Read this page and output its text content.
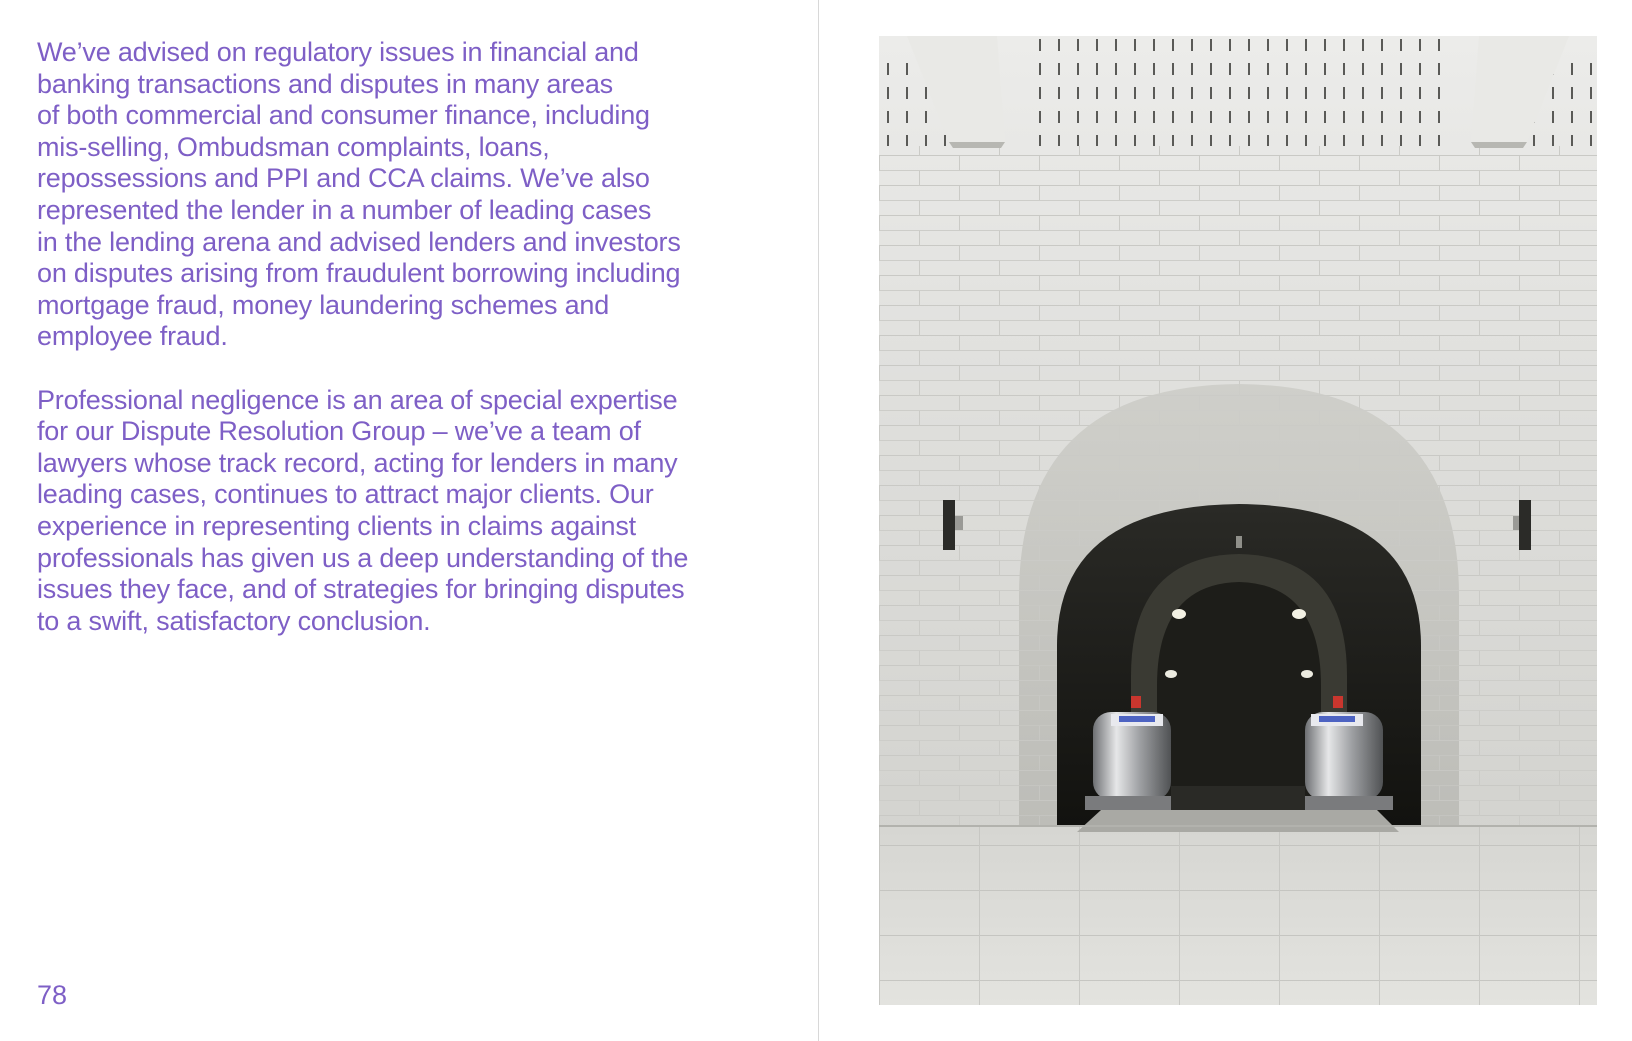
We’ve advised on regulatory issues in financial and
banking transactions and disputes in many areas
of both commercial and consumer finance, including
mis-selling, Ombudsman complaints, loans,
repossessions and PPI and CCA claims. We’ve also
represented the lender in a number of leading cases
in the lending arena and advised lenders and investors
on disputes arising from fraudulent borrowing including
mortgage fraud, money laundering schemes and
employee fraud.
Professional negligence is an area of special expertise
for our Dispute Resolution Group – we’ve a team of
lawyers whose track record, acting for lenders in many
leading cases, continues to attract major clients. Our
experience in representing clients in claims against
professionals has given us a deep understanding of the
issues they face, and of strategies for bringing disputes
to a swift, satisfactory conclusion.
78
